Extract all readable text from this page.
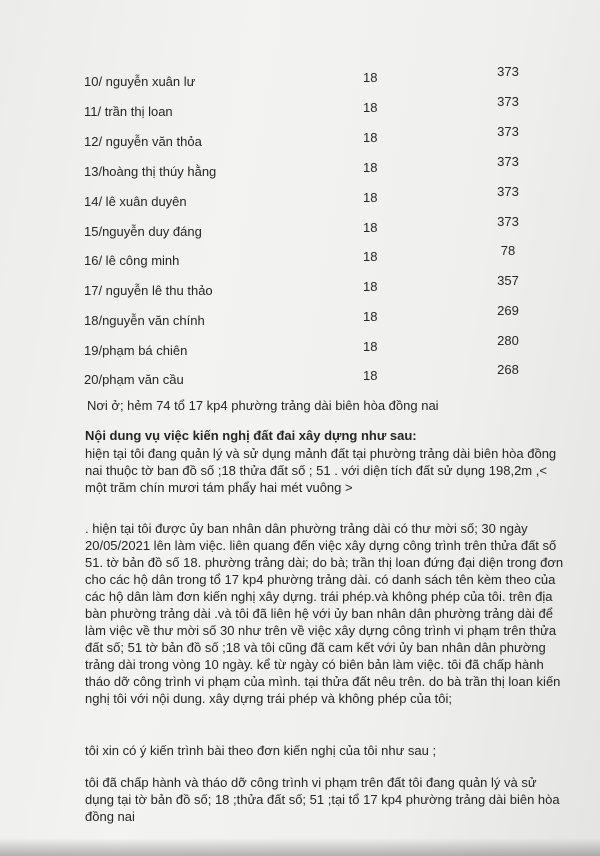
10/ nguyễn xuân lư	18	373
11/ trần thị loan	18	373
12/ nguyễn văn thỏa	18	373
13/hoàng thị thúy hằng	18	373
14/ lê xuân duyên	18	373
15/nguyễn duy đáng	18	373
16/ lê công minh	18	78
17/ nguyễn lê thu thảo	18	357
18/nguyễn văn chính	18	269
19/phạm bá chiên	18	280
20/phạm văn cầu	18	268
Nơi ở; hẻm 74 tổ 17 kp4 phường trảng dài biên hòa đồng nai
Nội dung vụ việc kiến nghị đất đai xây dựng như sau:
hiện tại tôi đang quản lý và sử dụng mảnh đất tại phường trảng dài biên hòa đồng
nai thuộc tờ ban đồ số ;18 thửa đất số ; 51 . với diện tích đất sử dụng 198,2m ,<
một trăm chín mươi tám phẩy hai mét vuông >
. hiện tại tôi được ủy ban nhân dân phường trảng dài có thư mời số; 30 ngày
20/05/2021 lên làm việc. liên quang đến việc xây dựng công trình trên thửa đất số
51. tờ bản đồ số 18. phường trảng dài; do bà; trần thị loan đứng đại diện trong đơn
cho các hộ dân trong tổ 17 kp4 phường trảng dài. có danh sách tên kèm theo của
các hộ dân làm đơn kiến nghị xây dựng. trái phép.và không phép của tôi. trên địa
bàn phường trảng dài .và tôi đã liên hệ với ủy ban nhân dân phường trảng dài để
làm việc về thư mời số 30 như trên về việc xây dựng công trình vi phạm trên thửa
đất số; 51 tờ bản đồ số ;18 và tôi cũng đã cam kết với ủy ban nhân dân phường
trảng dài trong vòng 10 ngày. kể từ ngày có biên bản làm việc. tôi đã chấp hành
tháo dỡ công trình vi phạm của mình. tại thửa đất nêu trên. do bà trần thị loan kiến
nghị tôi với nội dung. xây dựng trái phép và không phép của tôi;
tôi xin có ý kiến trình bài theo đơn kiến nghị của tôi như sau ;
tôi đã chấp hành và tháo dỡ công trình vi phạm trên đất tôi đang quản lý và sử
dụng tại tờ bản đồ số; 18 ;thửa đất số; 51 ;tại tổ 17 kp4 phường trảng dài biên hòa
đồng nai
